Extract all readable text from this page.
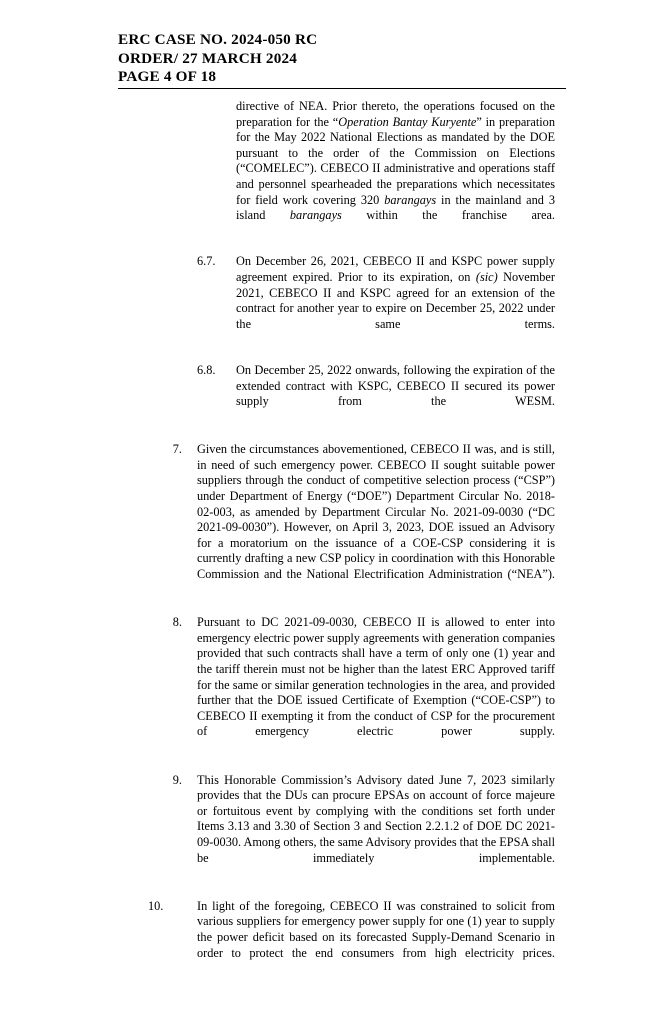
ERC CASE NO. 2024-050 RC
ORDER/ 27 MARCH 2024
PAGE 4 OF 18
directive of NEA. Prior thereto, the operations focused on the preparation for the “Operation Bantay Kuryente” in preparation for the May 2022 National Elections as mandated by the DOE pursuant to the order of the Commission on Elections (“COMELEC”). CEBECO II administrative and operations staff and personnel spearheaded the preparations which necessitates for field work covering 320 barangays in the mainland and 3 island barangays within the franchise area.
6.7.	On December 26, 2021, CEBECO II and KSPC power supply agreement expired. Prior to its expiration, on (sic) November 2021, CEBECO II and KSPC agreed for an extension of the contract for another year to expire on December 25, 2022 under the same terms.
6.8.	On December 25, 2022 onwards, following the expiration of the extended contract with KSPC, CEBECO II secured its power supply from the WESM.
7. Given the circumstances abovementioned, CEBECO II was, and is still, in need of such emergency power. CEBECO II sought suitable power suppliers through the conduct of competitive selection process (“CSP”) under Department of Energy (“DOE”) Department Circular No. 2018-02-003, as amended by Department Circular No. 2021-09-0030 (“DC 2021-09-0030”). However, on April 3, 2023, DOE issued an Advisory for a moratorium on the issuance of a COE-CSP considering it is currently drafting a new CSP policy in coordination with this Honorable Commission and the National Electrification Administration (“NEA”).
8. Pursuant to DC 2021-09-0030, CEBECO II is allowed to enter into emergency electric power supply agreements with generation companies provided that such contracts shall have a term of only one (1) year and the tariff therein must not be higher than the latest ERC Approved tariff for the same or similar generation technologies in the area, and provided further that the DOE issued Certificate of Exemption (“COE-CSP”) to CEBECO II exempting it from the conduct of CSP for the procurement of emergency electric power supply.
9. This Honorable Commission’s Advisory dated June 7, 2023 similarly provides that the DUs can procure EPSAs on account of force majeure or fortuitous event by complying with the conditions set forth under Items 3.13 and 3.30 of Section 3 and Section 2.2.1.2 of DOE DC 2021-09-0030. Among others, the same Advisory provides that the EPSA shall be immediately implementable.
10.	In light of the foregoing, CEBECO II was constrained to solicit from various suppliers for emergency power supply for one (1) year to supply the power deficit based on its forecasted Supply-Demand Scenario in order to protect the end consumers from high electricity prices.
